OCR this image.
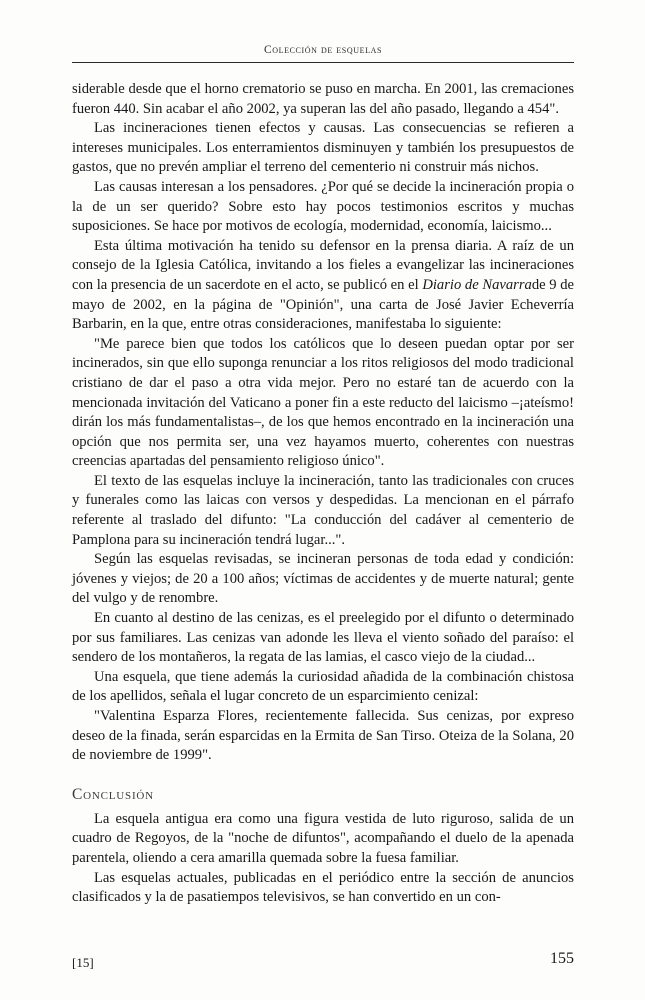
Colección de esquelas

siderable desde que el horno crematorio se puso en marcha. En 2001, las cremaciones fueron 440. Sin acabar el año 2002, ya superan las del año pasado, llegando a 454".

Las incineraciones tienen efectos y causas. Las consecuencias se refieren a intereses municipales. Los enterramientos disminuyen y también los presupuestos de gastos, que no prevén ampliar el terreno del cementerio ni construir más nichos.

Las causas interesan a los pensadores. ¿Por qué se decide la incineración propia o la de un ser querido? Sobre esto hay pocos testimonios escritos y muchas suposiciones. Se hace por motivos de ecología, modernidad, economía, laicismo...

Esta última motivación ha tenido su defensor en la prensa diaria. A raíz de un consejo de la Iglesia Católica, invitando a los fieles a evangelizar las incineraciones con la presencia de un sacerdote en el acto, se publicó en el Diario de Navarrade 9 de mayo de 2002, en la página de "Opinión", una carta de José Javier Echeverría Barbarin, en la que, entre otras consideraciones, manifestaba lo siguiente:

"Me parece bien que todos los católicos que lo deseen puedan optar por ser incinerados, sin que ello suponga renunciar a los ritos religiosos del modo tradicional cristiano de dar el paso a otra vida mejor. Pero no estaré tan de acuerdo con la mencionada invitación del Vaticano a poner fin a este reducto del laicismo –¡ateísmo! dirán los más fundamentalistas–, de los que hemos encontrado en la incineración una opción que nos permita ser, una vez hayamos muerto, coherentes con nuestras creencias apartadas del pensamiento religioso único".

El texto de las esquelas incluye la incineración, tanto las tradicionales con cruces y funerales como las laicas con versos y despedidas. La mencionan en el párrafo referente al traslado del difunto: "La conducción del cadáver al cementerio de Pamplona para su incineración tendrá lugar...".

Según las esquelas revisadas, se incineran personas de toda edad y condición: jóvenes y viejos; de 20 a 100 años; víctimas de accidentes y de muerte natural; gente del vulgo y de renombre.

En cuanto al destino de las cenizas, es el preelegido por el difunto o determinado por sus familiares. Las cenizas van adonde les lleva el viento soñado del paraíso: el sendero de los montañeros, la regata de las lamias, el casco viejo de la ciudad...

Una esquela, que tiene además la curiosidad añadida de la combinación chistosa de los apellidos, señala el lugar concreto de un esparcimiento cenizal:

"Valentina Esparza Flores, recientemente fallecida. Sus cenizas, por expreso deseo de la finada, serán esparcidas en la Ermita de San Tirso. Oteiza de la Solana, 20 de noviembre de 1999".

Conclusión

La esquela antigua era como una figura vestida de luto riguroso, salida de un cuadro de Regoyos, de la "noche de difuntos", acompañando el duelo de la apenada parentela, oliendo a cera amarilla quemada sobre la fuesa familiar.

Las esquelas actuales, publicadas en el periódico entre la sección de anuncios clasificados y la de pasatiempos televisivos, se han convertido en un con-

[15]	155
